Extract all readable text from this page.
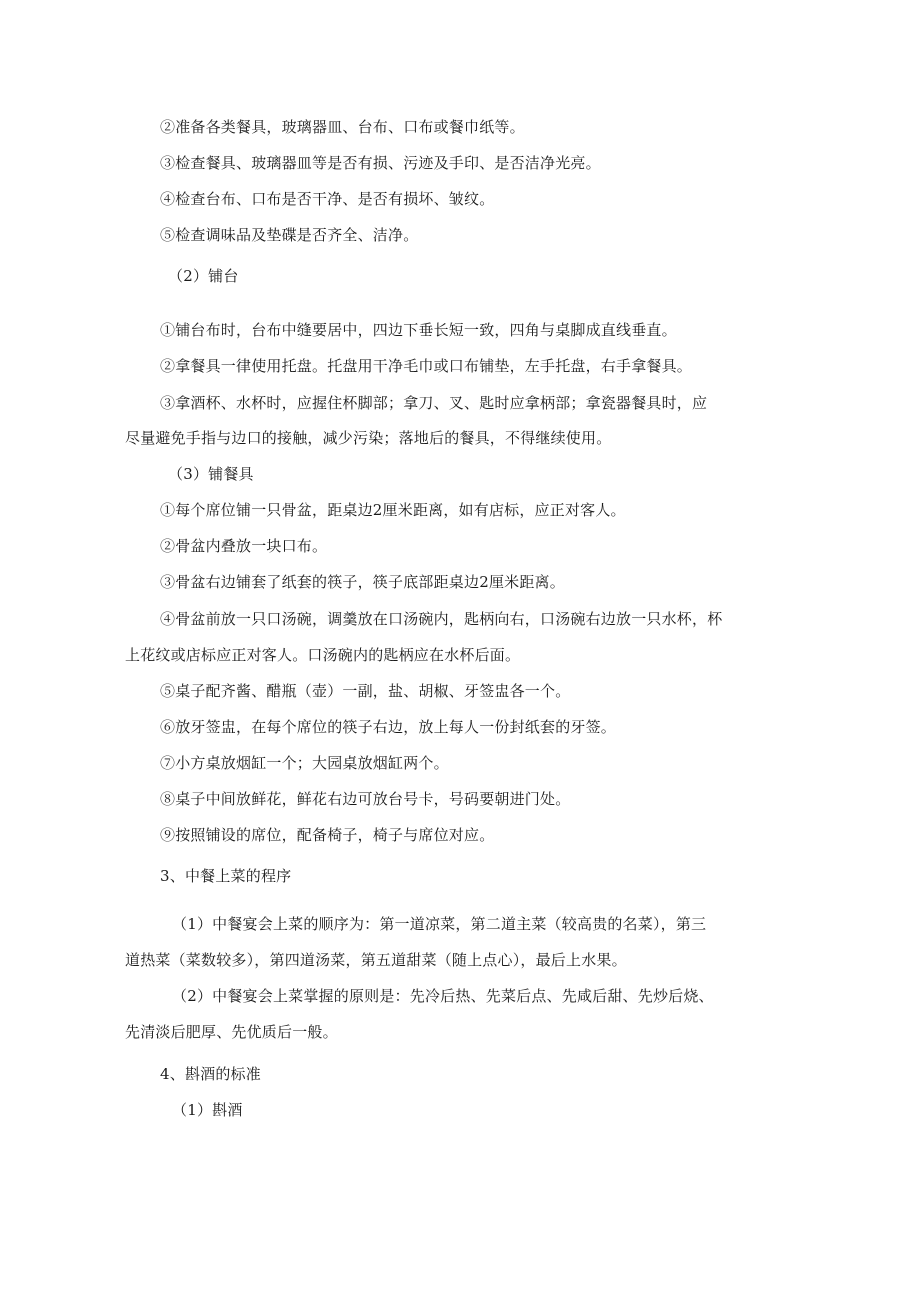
②准备各类餐具，玻璃器皿、台布、口布或餐巾纸等。
③检查餐具、玻璃器皿等是否有损、污迹及手印、是否洁净光亮。
④检查台布、口布是否干净、是否有损坏、皱纹。
⑤检查调味品及垫碟是否齐全、洁净。
（2）铺台
①铺台布时，台布中缝要居中，四边下垂长短一致，四角与桌脚成直线垂直。
②拿餐具一律使用托盘。托盘用干净毛巾或口布铺垫，左手托盘，右手拿餐具。
③拿酒杯、水杯时，应握住杯脚部；拿刀、叉、匙时应拿柄部；拿瓷器餐具时，应
尽量避免手指与边口的接触，减少污染；落地后的餐具，不得继续使用。
（3）铺餐具
①每个席位铺一只骨盆，距桌边2厘米距离，如有店标，应正对客人。
②骨盆内叠放一块口布。
③骨盆右边铺套了纸套的筷子，筷子底部距桌边2厘米距离。
④骨盆前放一只口汤碗，调羹放在口汤碗内，匙柄向右，口汤碗右边放一只水杯，杯
上花纹或店标应正对客人。口汤碗内的匙柄应在水杯后面。
⑤桌子配齐酱、醋瓶（壶）一副，盐、胡椒、牙签盅各一个。
⑥放牙签盅，在每个席位的筷子右边，放上每人一份封纸套的牙签。
⑦小方桌放烟缸一个；大园桌放烟缸两个。
⑧桌子中间放鲜花，鲜花右边可放台号卡，号码要朝进门处。
⑨按照铺设的席位，配备椅子，椅子与席位对应。
3、中餐上菜的程序
（1）中餐宴会上菜的顺序为：第一道凉菜，第二道主菜（较高贵的名菜），第三
道热菜（菜数较多），第四道汤菜，第五道甜菜（随上点心），最后上水果。
（2）中餐宴会上菜掌握的原则是：先冷后热、先菜后点、先咸后甜、先炒后烧、
先清淡后肥厚、先优质后一般。
4、斟酒的标准
（1）斟酒
